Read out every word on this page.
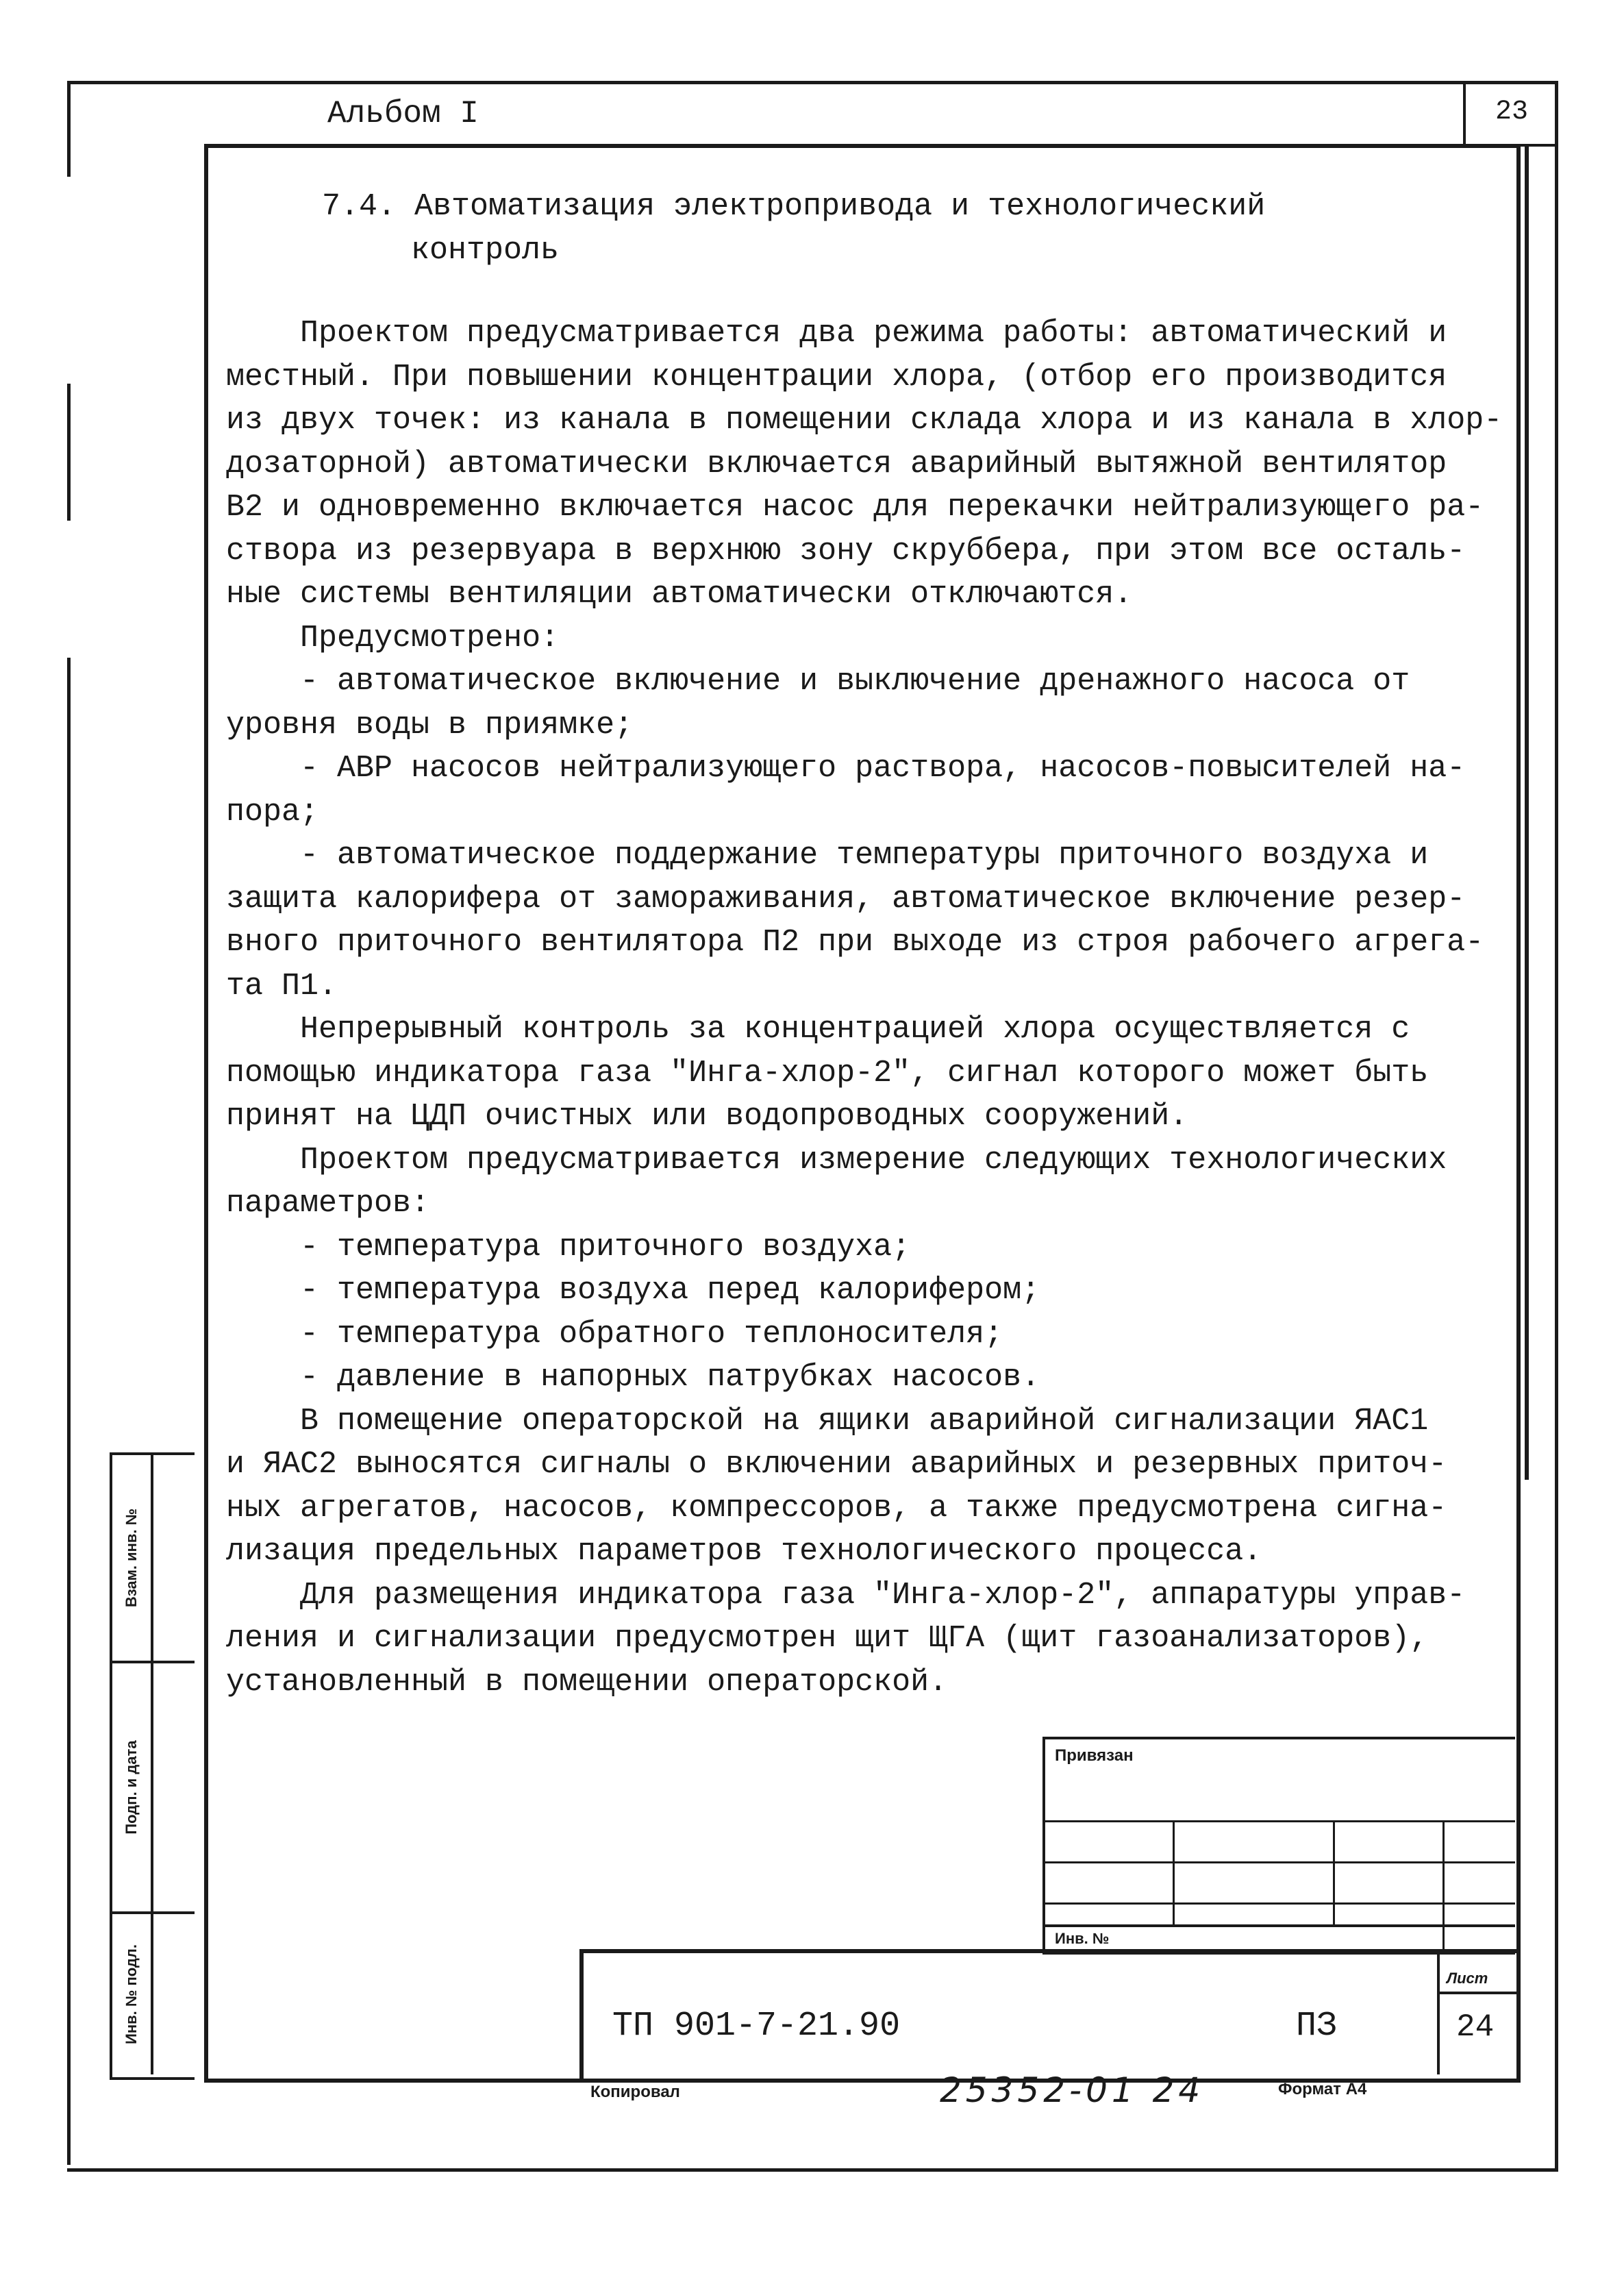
Альбом I	23

7.4. Автоматизация электропривода и технологический

контроль

Проектом предусматривается два режима работы: автоматический и

местный. При повышении концентрации хлора, (отбор его производится

из двух точек: из канала в помещении склада хлора и из канала в хлор-

дозаторной) автоматически включается аварийный вытяжной вентилятор

В2 и одновременно включается насос для перекачки нейтрализующего ра-

створа из резервуара в верхнюю зону скруббера, при этом все осталь-

ные системы вентиляции автоматически отключаются.

Предусмотрено:

- автоматическое включение и выключение дренажного насоса от

уровня воды в приямке;

- АВР насосов нейтрализующего раствора, насосов-повысителей на-

пора;

- автоматическое поддержание температуры приточного воздуха и

защита калорифера от замораживания, автоматическое включение резер-

вного приточного вентилятора П2 при выходе из строя рабочего агрега-

та П1.

Непрерывный контроль за концентрацией хлора осуществляется с

помощью индикатора газа "Инга-хлор-2", сигнал которого может быть

принят на ЦДП очистных или водопроводных сооружений.

Проектом предусматривается измерение следующих технологических

параметров:

- температура приточного воздуха;

- температура воздуха перед калорифером;

- температура обратного теплоносителя;

- давление в напорных патрубках насосов.

В помещение операторской на ящики аварийной сигнализации ЯАС1

и ЯАС2 выносятся сигналы о включении аварийных и резервных приточ-

ных агрегатов, насосов, компрессоров, а также предусмотрена сигна-

лизация предельных параметров технологического процесса.

Для размещения индикатора газа "Инга-хлор-2", аппаратуры управ-

ления и сигнализации предусмотрен щит ЩГА (щит газоанализаторов),

установленный в помещении операторской.

Взам. инв. №
Подп. и дата
Инв. № подл.
Привязан
Инв. №
ТП 901-7-21.90	ПЗ
Лист
24
Копировал	25352-01 24	Формат А4
